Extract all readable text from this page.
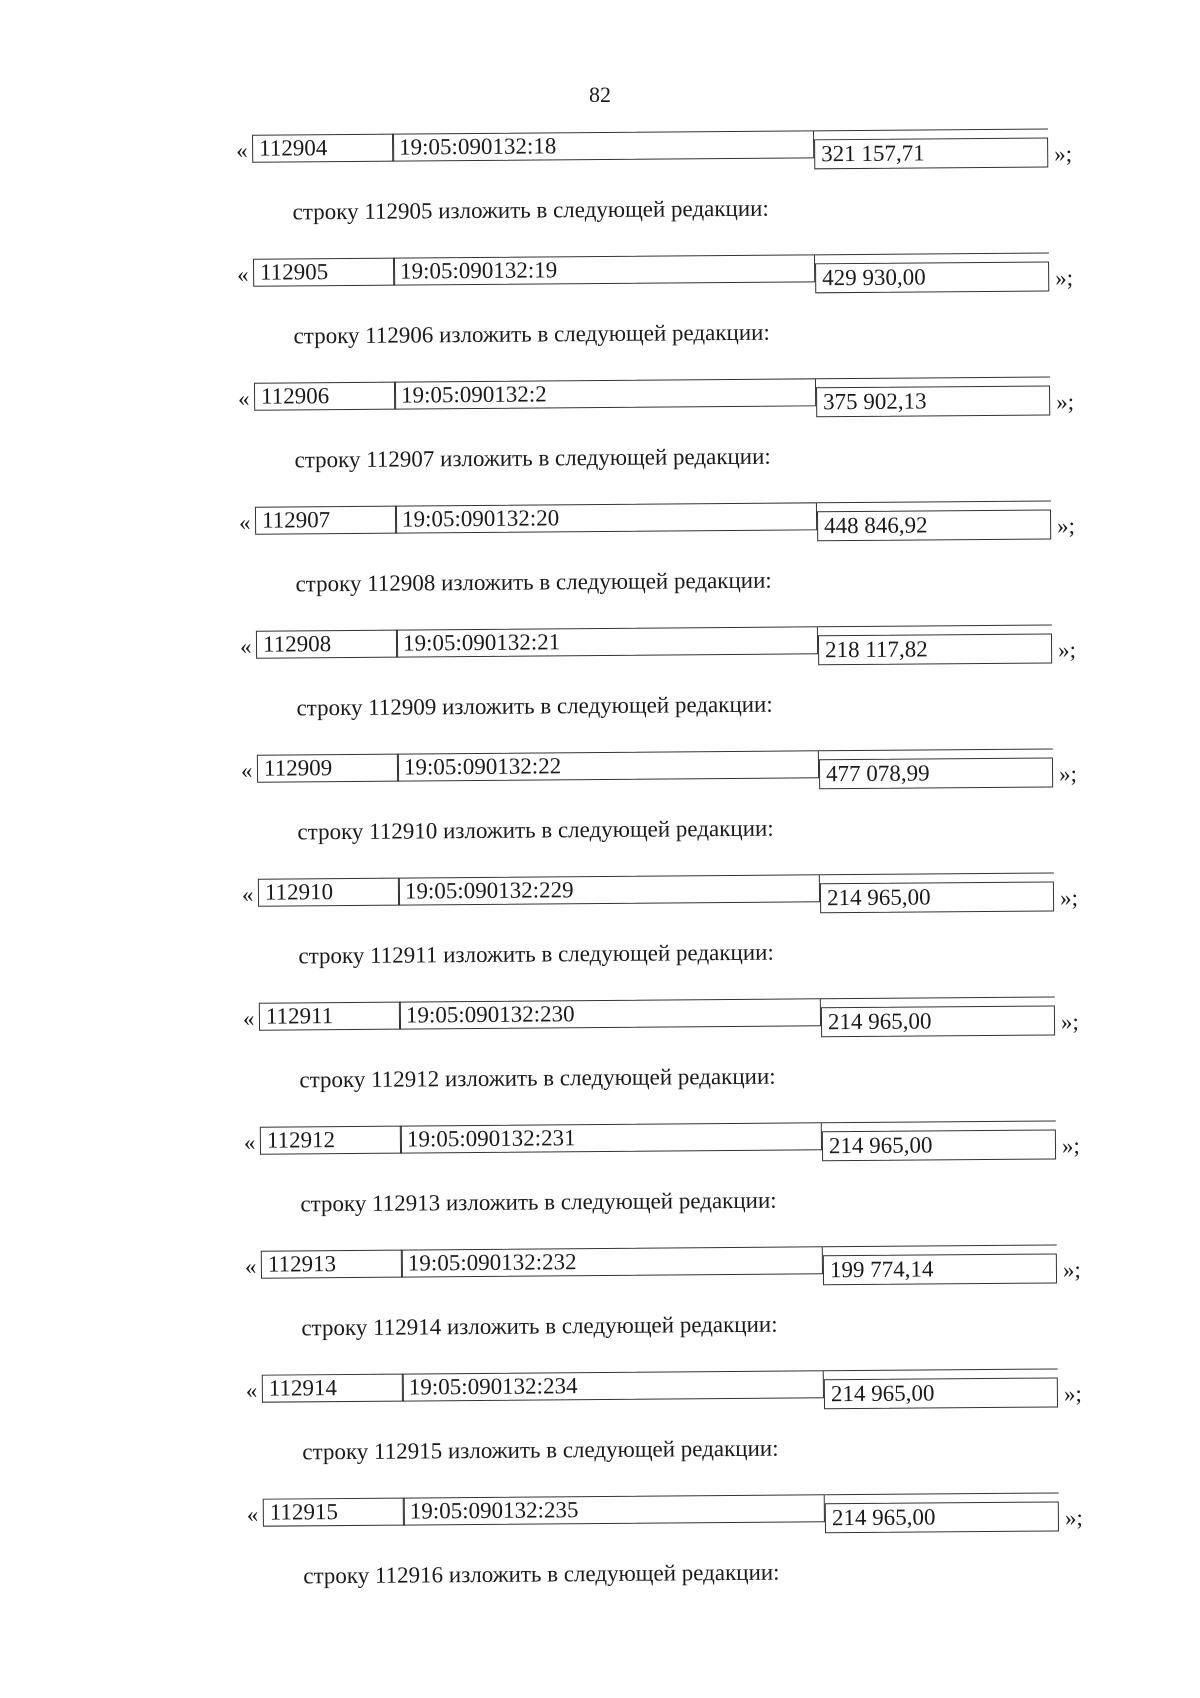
82
« 112904	19:05:090132:18	321 157,71	»;
строку 112905 изложить в следующей редакции:
« 112905	19:05:090132:19	429 930,00	»;
строку 112906 изложить в следующей редакции:
« 112906	19:05:090132:2	375 902,13	»;
строку 112907 изложить в следующей редакции:
« 112907	19:05:090132:20	448 846,92	»;
строку 112908 изложить в следующей редакции:
« 112908	19:05:090132:21	218 117,82	»;
строку 112909 изложить в следующей редакции:
« 112909	19:05:090132:22	477 078,99	»;
строку 112910 изложить в следующей редакции:
« 112910	19:05:090132:229	214 965,00	»;
строку 112911 изложить в следующей редакции:
« 112911	19:05:090132:230	214 965,00	»;
строку 112912 изложить в следующей редакции:
« 112912	19:05:090132:231	214 965,00	»;
строку 112913 изложить в следующей редакции:
« 112913	19:05:090132:232	199 774,14	»;
строку 112914 изложить в следующей редакции:
« 112914	19:05:090132:234	214 965,00	»;
строку 112915 изложить в следующей редакции:
« 112915	19:05:090132:235	214 965,00	»;
строку 112916 изложить в следующей редакции:
